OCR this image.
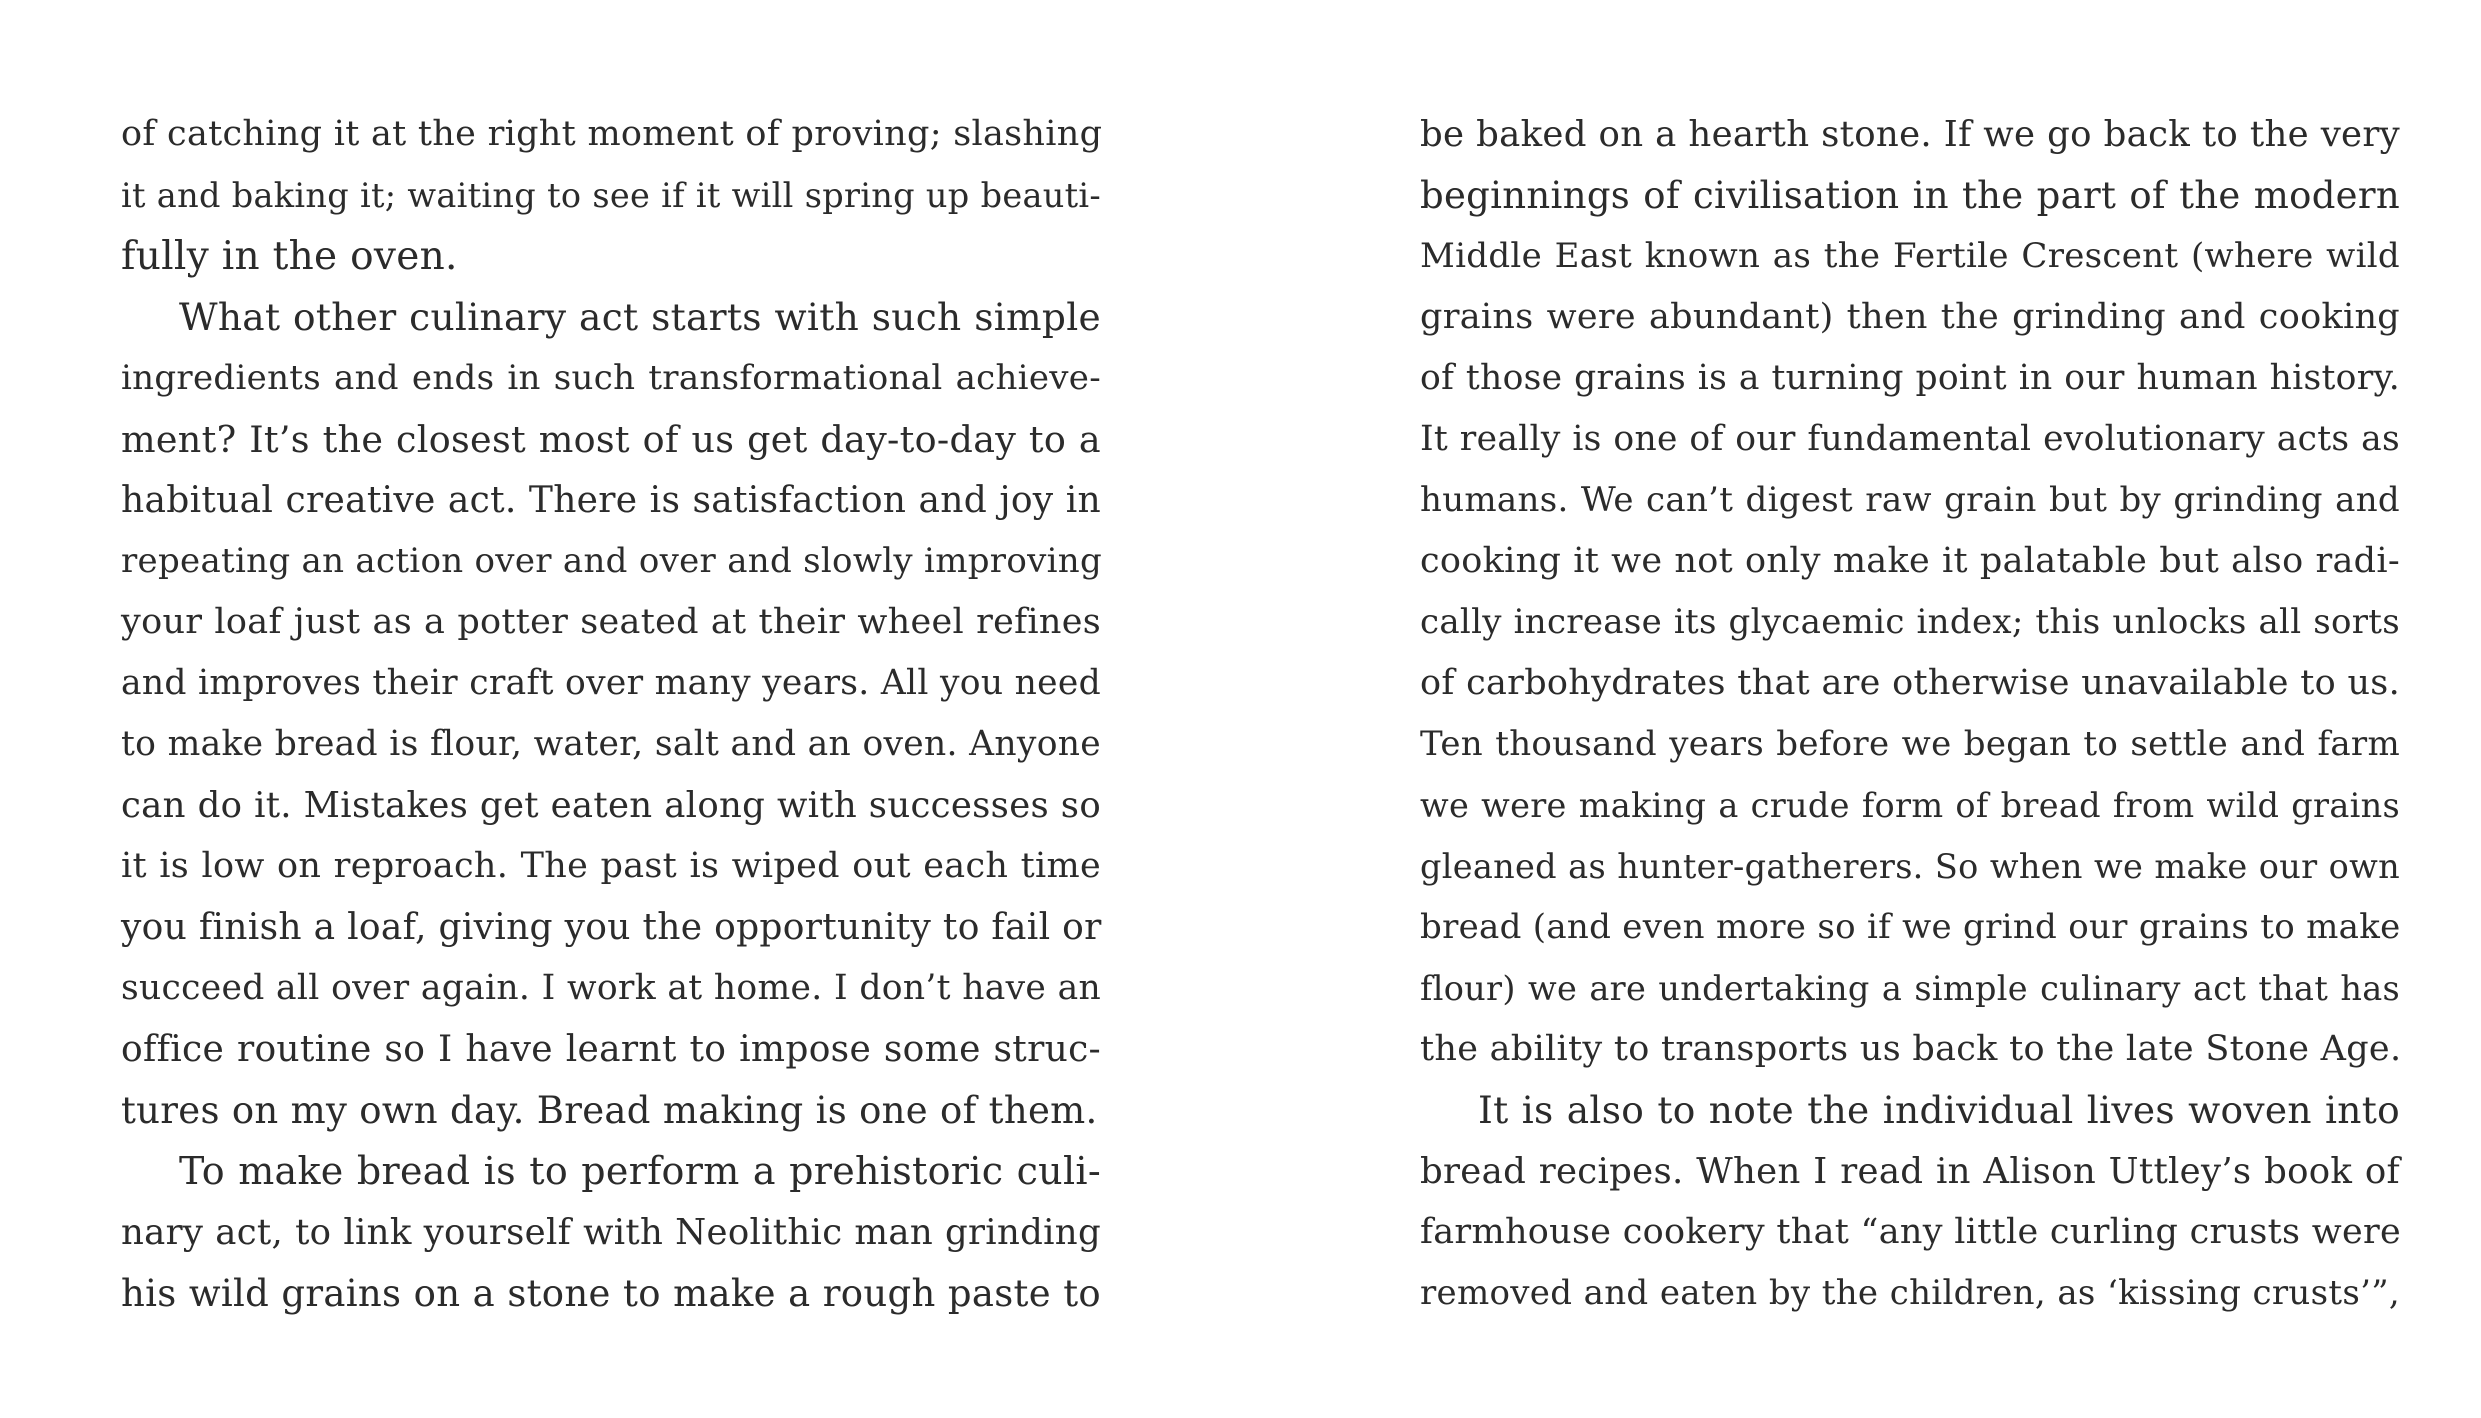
of catching it at the right moment of proving; slashing

it and baking it; waiting to see if it will spring up beauti-

fully in the oven.

What other culinary act starts with such simple

ingredients and ends in such transformational achieve-

ment? It’s the closest most of us get day-to-day to a

habitual creative act. There is satisfaction and joy in

repeating an action over and over and slowly improving

your loaf just as a potter seated at their wheel refines

and improves their craft over many years. All you need

to make bread is flour, water, salt and an oven. Anyone

can do it. Mistakes get eaten along with successes so

it is low on reproach. The past is wiped out each time

you finish a loaf, giving you the opportunity to fail or

succeed all over again. I work at home. I don’t have an

office routine so I have learnt to impose some struc-

tures on my own day. Bread making is one of them.

To make bread is to perform a prehistoric culi-

nary act, to link yourself with Neolithic man grinding

his wild grains on a stone to make a rough paste to

be baked on a hearth stone. If we go back to the very

beginnings of civilisation in the part of the modern

Middle East known as the Fertile Crescent (where wild

grains were abundant) then the grinding and cooking

of those grains is a turning point in our human history.

It really is one of our fundamental evolutionary acts as

humans. We can’t digest raw grain but by grinding and

cooking it we not only make it palatable but also radi-

cally increase its glycaemic index; this unlocks all sorts

of carbohydrates that are otherwise unavailable to us.

Ten thousand years before we began to settle and farm

we were making a crude form of bread from wild grains

gleaned as hunter-gatherers. So when we make our own

bread (and even more so if we grind our grains to make

flour) we are undertaking a simple culinary act that has

the ability to transports us back to the late Stone Age.

It is also to note the individual lives woven into

bread recipes. When I read in Alison Uttley’s book of

farmhouse cookery that “any little curling crusts were

removed and eaten by the children, as ‘kissing crusts’”,
